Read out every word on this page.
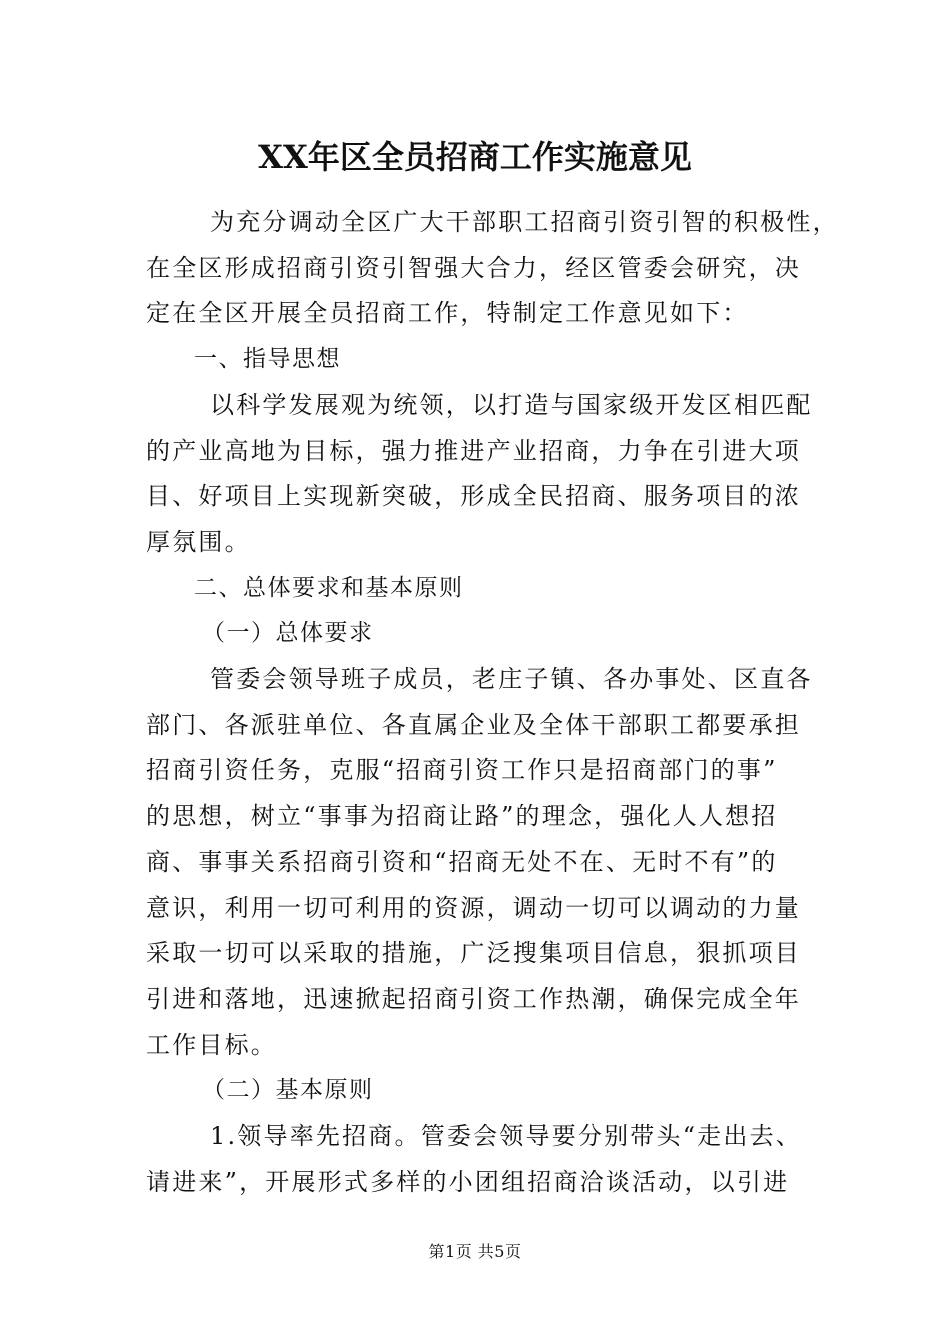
XX年区全员招商工作实施意见

为充分调动全区广大干部职工招商引资引智的积极性，
在全区形成招商引资引智强大合力，经区管委会研究，决
定在全区开展全员招商工作，特制定工作意见如下：

一、指导思想

以科学发展观为统领，以打造与国家级开发区相匹配
的产业高地为目标，强力推进产业招商，力争在引进大项
目、好项目上实现新突破，形成全民招商、服务项目的浓
厚氛围。

二、总体要求和基本原则
（一）总体要求

管委会领导班子成员，老庄子镇、各办事处、区直各
部门、各派驻单位、各直属企业及全体干部职工都要承担
招商引资任务，克服“招商引资工作只是招商部门的事”
的思想，树立“事事为招商让路”的理念，强化人人想招
商、事事关系招商引资和“招商无处不在、无时不有”的
意识，利用一切可利用的资源，调动一切可以调动的力量
采取一切可以采取的措施，广泛搜集项目信息，狠抓项目
引进和落地，迅速掀起招商引资工作热潮，确保完成全年
工作目标。

（二）基本原则

1.领导率先招商。管委会领导要分别带头“走出去、
请进来”，开展形式多样的小团组招商洽谈活动，以引进

第1页 共5页
